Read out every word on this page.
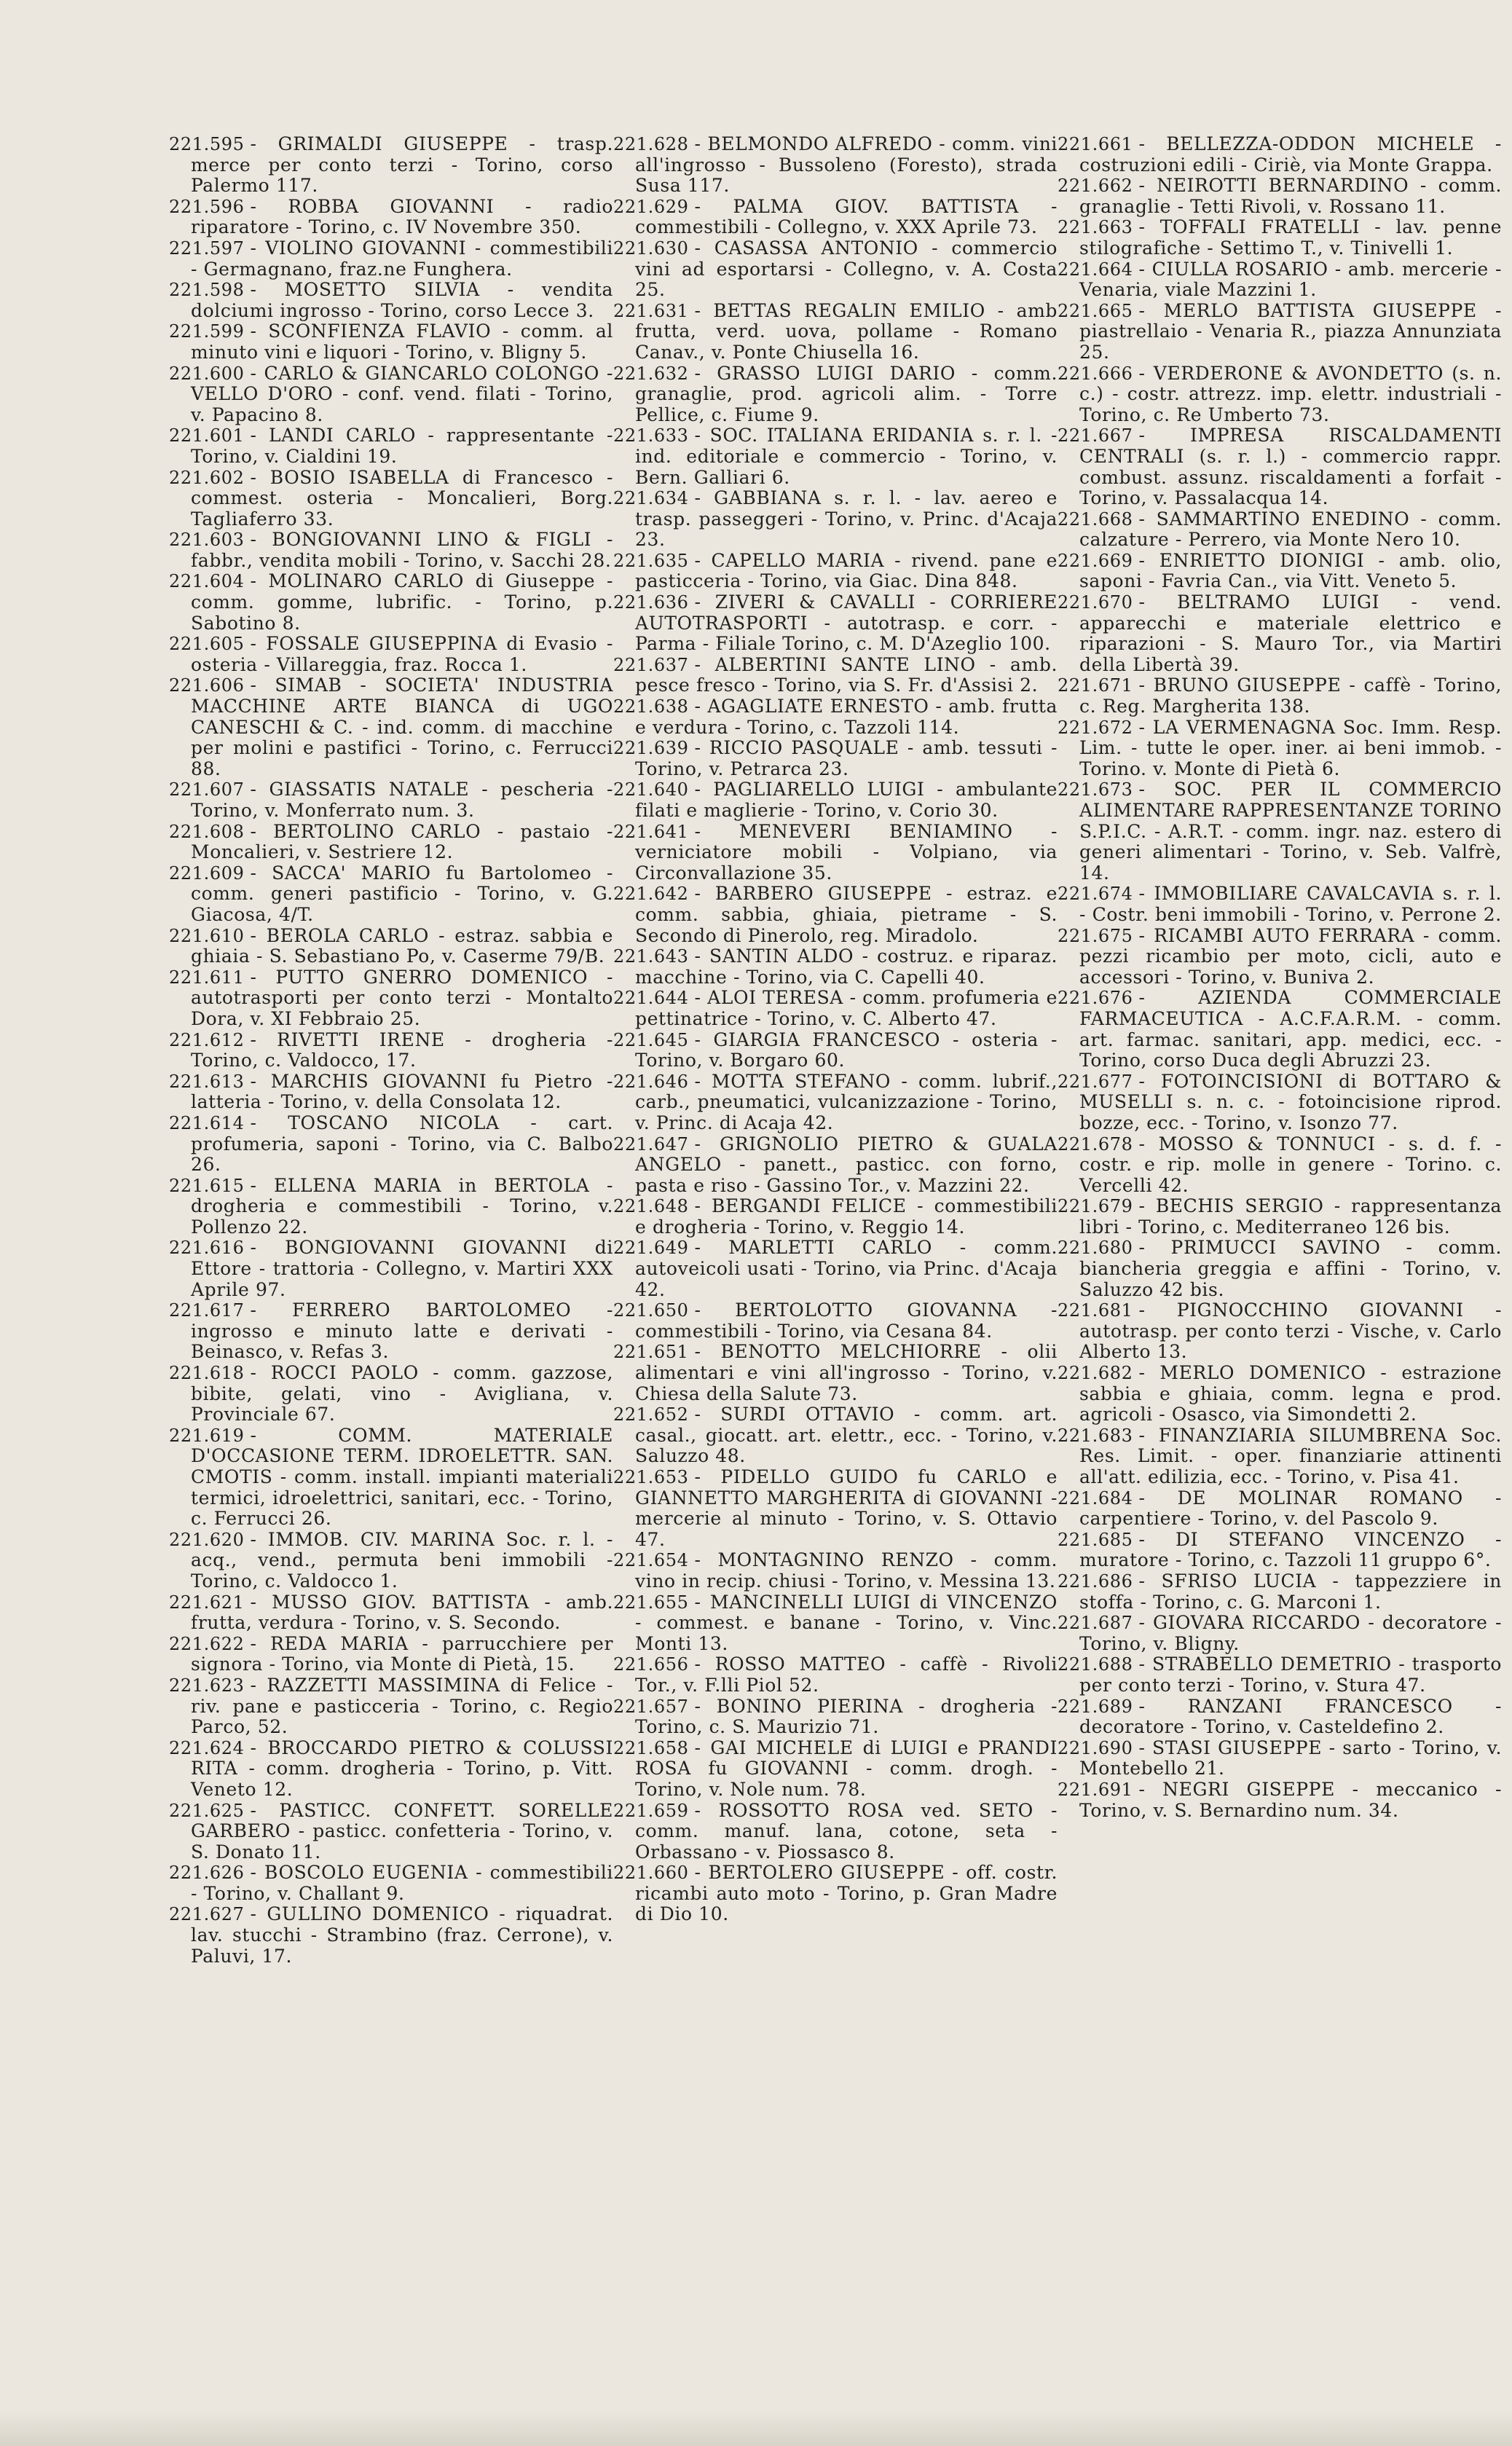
221.595 - GRIMALDI GIUSEPPE - trasp. merce per conto terzi - Torino, corso Palermo 117.

221.596 - ROBBA GIOVANNI - radio riparatore - Torino, c. IV Novembre 350.

221.597 - VIOLINO GIOVANNI - commestibili - Germagnano, fraz.ne Funghera.

221.598 - MOSETTO SILVIA - vendita dolciumi ingrosso - Torino, corso Lecce 3.

221.599 - SCONFIENZA FLAVIO - comm. al minuto vini e liquori - Torino, v. Bligny 5.

221.600 - CARLO & GIANCARLO COLONGO - VELLO D'ORO - conf. vend. filati - Torino, v. Papacino 8.

221.601 - LANDI CARLO - rappresentante - Torino, v. Cialdini 19.

221.602 - BOSIO ISABELLA di Francesco - commest. osteria - Moncalieri, Borg. Tagliaferro 33.

221.603 - BONGIOVANNI LINO & FIGLI - fabbr., vendita mobili - Torino, v. Sacchi 28.

221.604 - MOLINARO CARLO di Giuseppe - comm. gomme, lubrific. - Torino, p. Sabotino 8.

221.605 - FOSSALE GIUSEPPINA di Evasio - osteria - Villareggia, fraz. Rocca 1.

221.606 - SIMAB - SOCIETA' INDUSTRIA MACCHINE ARTE BIANCA di UGO CANESCHI & C. - ind. comm. di macchine per molini e pastifici - Torino, c. Ferrucci 88.

221.607 - GIASSATIS NATALE - pescheria - Torino, v. Monferrato num. 3.

221.608 - BERTOLINO CARLO - pastaio - Moncalieri, v. Sestriere 12.

221.609 - SACCA' MARIO fu Bartolomeo - comm. generi pastificio - Torino, v. G. Giacosa, 4/T.

221.610 - BEROLA CARLO - estraz. sabbia e ghiaia - S. Sebastiano Po, v. Caserme 79/B.

221.611 - PUTTO GNERRO DOMENICO - autotrasporti per conto terzi - Montalto Dora, v. XI Febbraio 25.

221.612 - RIVETTI IRENE - drogheria - Torino, c. Valdocco, 17.

221.613 - MARCHIS GIOVANNI fu Pietro - latteria - Torino, v. della Consolata 12.

221.614 - TOSCANO NICOLA - cart. profumeria, saponi - Torino, via C. Balbo 26.

221.615 - ELLENA MARIA in BERTOLA - drogheria e commestibili - Torino, v. Pollenzo 22.

221.616 - BONGIOVANNI GIOVANNI di Ettore - trattoria - Collegno, v. Martiri XXX Aprile 97.

221.617 - FERRERO BARTOLOMEO - ingrosso e minuto latte e derivati - Beinasco, v. Refas 3.

221.618 - ROCCI PAOLO - comm. gazzose, bibite, gelati, vino - Avigliana, v. Provinciale 67.

221.619 - COMM. MATERIALE D'OCCASIONE TERM. IDROELETTR. SAN. CMOTIS - comm. install. impianti materiali termici, idroelettrici, sanitari, ecc. - Torino, c. Ferrucci 26.

221.620 - IMMOB. CIV. MARINA Soc. r. l. - acq., vend., permuta beni immobili - Torino, c. Valdocco 1.

221.621 - MUSSO GIOV. BATTISTA - amb. frutta, verdura - Torino, v. S. Secondo.

221.622 - REDA MARIA - parrucchiere per signora - Torino, via Monte di Pietà, 15.

221.623 - RAZZETTI MASSIMINA di Felice - riv. pane e pasticceria - Torino, c. Regio Parco, 52.

221.624 - BROCCARDO PIETRO & COLUSSI RITA - comm. drogheria - Torino, p. Vitt. Veneto 12.

221.625 - PASTICC. CONFETT. SORELLE GARBERO - pasticc. confetteria - Torino, v. S. Donato 11.

221.626 - BOSCOLO EUGENIA - commestibili - Torino, v. Challant 9.

221.627 - GULLINO DOMENICO - riquadrat. lav. stucchi - Strambino (fraz. Cerrone), v. Paluvi, 17.

221.628 - BELMONDO ALFREDO - comm. vini all'ingrosso - Bussoleno (Foresto), strada Susa 117.

221.629 - PALMA GIOV. BATTISTA - commestibili - Collegno, v. XXX Aprile 73.

221.630 - CASASSA ANTONIO - commercio vini ad esportarsi - Collegno, v. A. Costa 25.

221.631 - BETTAS REGALIN EMILIO - amb frutta, verd. uova, pollame - Romano Canav., v. Ponte Chiusella 16.

221.632 - GRASSO LUIGI DARIO - comm. granaglie, prod. agricoli alim. - Torre Pellice, c. Fiume 9.

221.633 - SOC. ITALIANA ERIDANIA s. r. l. - ind. editoriale e commercio - Torino, v. Bern. Galliari 6.

221.634 - GABBIANA s. r. l. - lav. aereo e trasp. passeggeri - Torino, v. Princ. d'Acaja 23.

221.635 - CAPELLO MARIA - rivend. pane e pasticceria - Torino, via Giac. Dina 848.

221.636 - ZIVERI & CAVALLI - CORRIERE AUTOTRASPORTI - autotrasp. e corr. - Parma - Filiale Torino, c. M. D'Azeglio 100.

221.637 - ALBERTINI SANTE LINO - amb. pesce fresco - Torino, via S. Fr. d'Assisi 2.

221.638 - AGAGLIATE ERNESTO - amb. frutta e verdura - Torino, c. Tazzoli 114.

221.639 - RICCIO PASQUALE - amb. tessuti - Torino, v. Petrarca 23.

221.640 - PAGLIARELLO LUIGI - ambulante filati e maglierie - Torino, v. Corio 30.

221.641 - MENEVERI BENIAMINO - verniciatore mobili - Volpiano, via Circonvallazione 35.

221.642 - BARBERO GIUSEPPE - estraz. e comm. sabbia, ghiaia, pietrame - S. Secondo di Pinerolo, reg. Miradolo.

221.643 - SANTIN ALDO - costruz. e riparaz. macchine - Torino, via C. Capelli 40.

221.644 - ALOI TERESA - comm. profumeria e pettinatrice - Torino, v. C. Alberto 47.

221.645 - GIARGIA FRANCESCO - osteria - Torino, v. Borgaro 60.

221.646 - MOTTA STEFANO - comm. lubrif., carb., pneumatici, vulcanizzazione - Torino, v. Princ. di Acaja 42.

221.647 - GRIGNOLIO PIETRO & GUALA ANGELO - panett., pasticc. con forno, pasta e riso - Gassino Tor., v. Mazzini 22.

221.648 - BERGANDI FELICE - commestibili e drogheria - Torino, v. Reggio 14.

221.649 - MARLETTI CARLO - comm. autoveicoli usati - Torino, via Princ. d'Acaja 42.

221.650 - BERTOLOTTO GIOVANNA - commestibili - Torino, via Cesana 84.

221.651 - BENOTTO MELCHIORRE - olii alimentari e vini all'ingrosso - Torino, v. Chiesa della Salute 73.

221.652 - SURDI OTTAVIO - comm. art. casal., giocatt. art. elettr., ecc. - Torino, v. Saluzzo 48.

221.653 - PIDELLO GUIDO fu CARLO e GIANNETTO MARGHERITA di GIOVANNI - mercerie al minuto - Torino, v. S. Ottavio 47.

221.654 - MONTAGNINO RENZO - comm. vino in recip. chiusi - Torino, v. Messina 13.

221.655 - MANCINELLI LUIGI di VINCENZO - commest. e banane - Torino, v. Vinc. Monti 13.

221.656 - ROSSO MATTEO - caffè - Rivoli Tor., v. F.lli Piol 52.

221.657 - BONINO PIERINA - drogheria - Torino, c. S. Maurizio 71.

221.658 - GAI MICHELE di LUIGI e PRANDI ROSA fu GIOVANNI - comm. drogh. - Torino, v. Nole num. 78.

221.659 - ROSSOTTO ROSA ved. SETO - comm. manuf. lana, cotone, seta - Orbassano - v. Piossasco 8.

221.660 - BERTOLERO GIUSEPPE - off. costr. ricambi auto moto - Torino, p. Gran Madre di Dio 10.

221.661 - BELLEZZA-ODDON MICHELE - costruzioni edili - Ciriè, via Monte Grappa.

221.662 - NEIROTTI BERNARDINO - comm. granaglie - Tetti Rivoli, v. Rossano 11.

221.663 - TOFFALI FRATELLI - lav. penne stilografiche - Settimo T., v. Tinivelli 1.

221.664 - CIULLA ROSARIO - amb. mercerie - Venaria, viale Mazzini 1.

221.665 - MERLO BATTISTA GIUSEPPE - piastrellaio - Venaria R., piazza Annunziata 25.

221.666 - VERDERONE & AVONDETTO (s. n. c.) - costr. attrezz. imp. elettr. industriali - Torino, c. Re Umberto 73.

221.667 - IMPRESA RISCALDAMENTI CENTRALI (s. r. l.) - commercio rappr. combust. assunz. riscaldamenti a forfait - Torino, v. Passalacqua 14.

221.668 - SAMMARTINO ENEDINO - comm. calzature - Perrero, via Monte Nero 10.

221.669 - ENRIETTO DIONIGI - amb. olio, saponi - Favria Can., via Vitt. Veneto 5.

221.670 - BELTRAMO LUIGI - vend. apparecchi e materiale elettrico e riparazioni - S. Mauro Tor., via Martiri della Libertà 39.

221.671 - BRUNO GIUSEPPE - caffè - Torino, c. Reg. Margherita 138.

221.672 - LA VERMENAGNA Soc. Imm. Resp. Lim. - tutte le oper. iner. ai beni immob. - Torino. v. Monte di Pietà 6.

221.673 - SOC. PER IL COMMERCIO ALIMENTARE RAPPRESENTANZE TORINO S.P.I.C. - A.R.T. - comm. ingr. naz. estero di generi alimentari - Torino, v. Seb. Valfrè, 14.

221.674 - IMMOBILIARE CAVALCAVIA s. r. l. - Costr. beni immobili - Torino, v. Perrone 2.

221.675 - RICAMBI AUTO FERRARA - comm. pezzi ricambio per moto, cicli, auto e accessori - Torino, v. Buniva 2.

221.676 - AZIENDA COMMERCIALE FARMACEUTICA - A.C.F.A.R.M. - comm. art. farmac. sanitari, app. medici, ecc. - Torino, corso Duca degli Abruzzi 23.

221.677 - FOTOINCISIONI di BOTTARO & MUSELLI s. n. c. - fotoincisione riprod. bozze, ecc. - Torino, v. Isonzo 77.

221.678 - MOSSO & TONNUCI - s. d. f. - costr. e rip. molle in genere - Torino. c. Vercelli 42.

221.679 - BECHIS SERGIO - rappresentanza libri - Torino, c. Mediterraneo 126 bis.

221.680 - PRIMUCCI SAVINO - comm. biancheria greggia e affini - Torino, v. Saluzzo 42 bis.

221.681 - PIGNOCCHINO GIOVANNI - autotrasp. per conto terzi - Vische, v. Carlo Alberto 13.

221.682 - MERLO DOMENICO - estrazione sabbia e ghiaia, comm. legna e prod. agricoli - Osasco, via Simondetti 2.

221.683 - FINANZIARIA SILUMBRENA Soc. Res. Limit. - oper. finanziarie attinenti all'att. edilizia, ecc. - Torino, v. Pisa 41.

221.684 - DE MOLINAR ROMANO - carpentiere - Torino, v. del Pascolo 9.

221.685 - DI STEFANO VINCENZO - muratore - Torino, c. Tazzoli 11 gruppo 6°.

221.686 - SFRISO LUCIA - tappezziere in stoffa - Torino, c. G. Marconi 1.

221.687 - GIOVARA RICCARDO - decoratore - Torino, v. Bligny.

221.688 - STRABELLO DEMETRIO - trasporto per conto terzi - Torino, v. Stura 47.

221.689 - RANZANI FRANCESCO - decoratore - Torino, v. Casteldefino 2.

221.690 - STASI GIUSEPPE - sarto - Torino, v. Montebello 21.

221.691 - NEGRI GISEPPE - meccanico - Torino, v. S. Bernardino num. 34.
